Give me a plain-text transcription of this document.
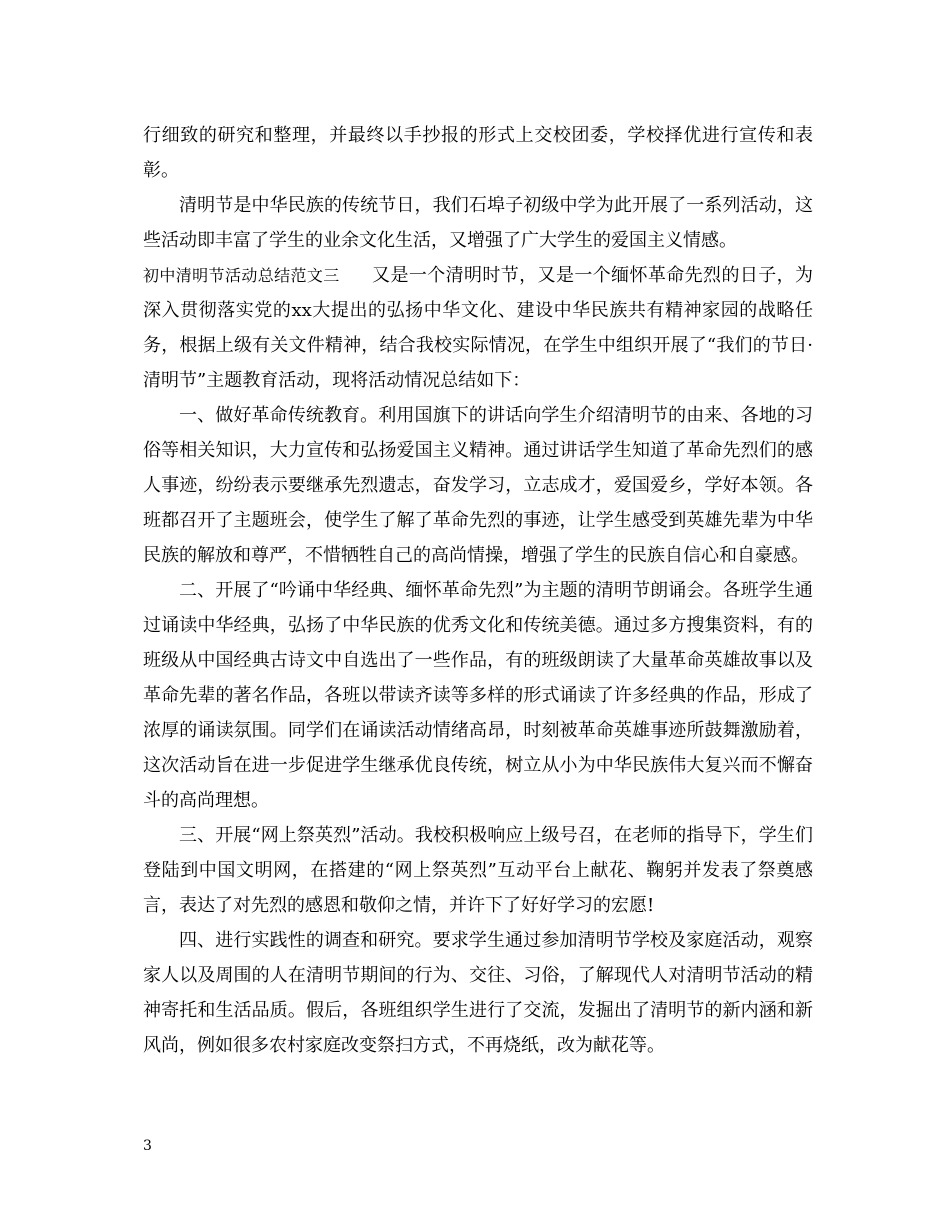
行细致的研究和整理，并最终以手抄报的形式上交校团委，学校择优进行宣传和表彰。

清明节是中华民族的传统节日，我们石埠子初级中学为此开展了一系列活动，这些活动即丰富了学生的业余文化生活，又增强了广大学生的爱国主义情感。

初中清明节活动总结范文三 又是一个清明时节，又是一个缅怀革命先烈的日子，为深入贯彻落实党的xx大提出的弘扬中华文化、建设中华民族共有精神家园的战略任务，根据上级有关文件精神，结合我校实际情况，在学生中组织开展了“我们的节日·清明节”主题教育活动，现将活动情况总结如下：

一、做好革命传统教育。利用国旗下的讲话向学生介绍清明节的由来、各地的习俗等相关知识，大力宣传和弘扬爱国主义精神。通过讲话学生知道了革命先烈们的感人事迹，纷纷表示要继承先烈遗志，奋发学习，立志成才，爱国爱乡，学好本领。各班都召开了主题班会，使学生了解了革命先烈的事迹，让学生感受到英雄先辈为中华民族的解放和尊严，不惜牺牲自己的高尚情操，增强了学生的民族自信心和自豪感。

二、开展了“吟诵中华经典、缅怀革命先烈”为主题的清明节朗诵会。各班学生通过诵读中华经典，弘扬了中华民族的优秀文化和传统美德。通过多方搜集资料，有的班级从中国经典古诗文中自选出了一些作品，有的班级朗读了大量革命英雄故事以及革命先辈的著名作品，各班以带读齐读等多样的形式诵读了许多经典的作品，形成了浓厚的诵读氛围。同学们在诵读活动情绪高昂，时刻被革命英雄事迹所鼓舞激励着，这次活动旨在进一步促进学生继承优良传统，树立从小为中华民族伟大复兴而不懈奋斗的高尚理想。

三、开展“网上祭英烈”活动。我校积极响应上级号召，在老师的指导下，学生们登陆到中国文明网，在搭建的“网上祭英烈”互动平台上献花、鞠躬并发表了祭奠感言，表达了对先烈的感恩和敬仰之情，并许下了好好学习的宏愿!

四、进行实践性的调查和研究。要求学生通过参加清明节学校及家庭活动，观察家人以及周围的人在清明节期间的行为、交往、习俗，了解现代人对清明节活动的精神寄托和生活品质。假后，各班组织学生进行了交流，发掘出了清明节的新内涵和新风尚，例如很多农村家庭改变祭扫方式，不再烧纸，改为献花等。

3
